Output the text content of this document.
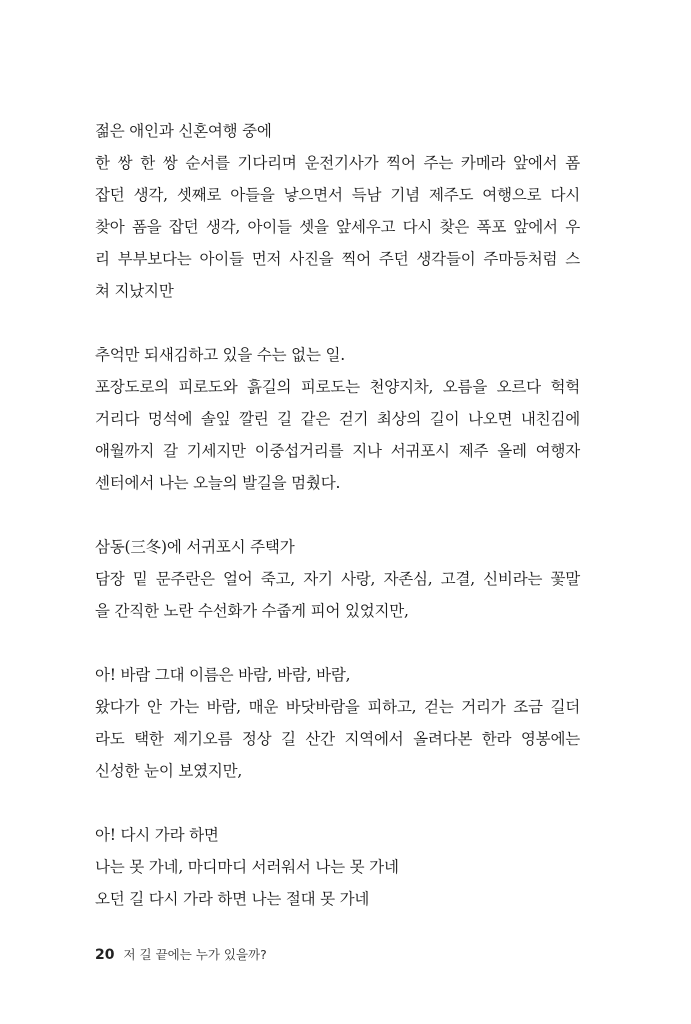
젊은 애인과 신혼여행 중에
한 쌍 한 쌍 순서를 기다리며 운전기사가 찍어 주는 카메라 앞에서 폼
잡던 생각, 셋째로 아들을 낳으면서 득남 기념 제주도 여행으로 다시
찾아 폼을 잡던 생각, 아이들 셋을 앞세우고 다시 찾은 폭포 앞에서 우
리 부부보다는 아이들 먼저 사진을 찍어 주던 생각들이 주마등처럼 스
쳐 지났지만
추억만 되새김하고 있을 수는 없는 일.
포장도로의 피로도와 흙길의 피로도는 천양지차, 오름을 오르다 헉헉
거리다 멍석에 솔잎 깔린 길 같은 걷기 최상의 길이 나오면 내친김에
애월까지 갈 기세지만 이중섭거리를 지나 서귀포시 제주 올레 여행자
센터에서 나는 오늘의 발길을 멈췄다.
삼동(三冬)에 서귀포시 주택가
담장 밑 문주란은 얼어 죽고, 자기 사랑, 자존심, 고결, 신비라는 꽃말
을 간직한 노란 수선화가 수줍게 피어 있었지만,
아! 바람 그대 이름은 바람, 바람, 바람,
왔다가 안 가는 바람, 매운 바닷바람을 피하고, 걷는 거리가 조금 길더
라도 택한 제기오름 정상 길 산간 지역에서 올려다본 한라 영봉에는
신성한 눈이 보였지만,
아! 다시 가라 하면
나는 못 가네, 마디마디 서러워서 나는 못 가네
오던 길 다시 가라 하면 나는 절대 못 가네
20 저 길 끝에는 누가 있을까?
